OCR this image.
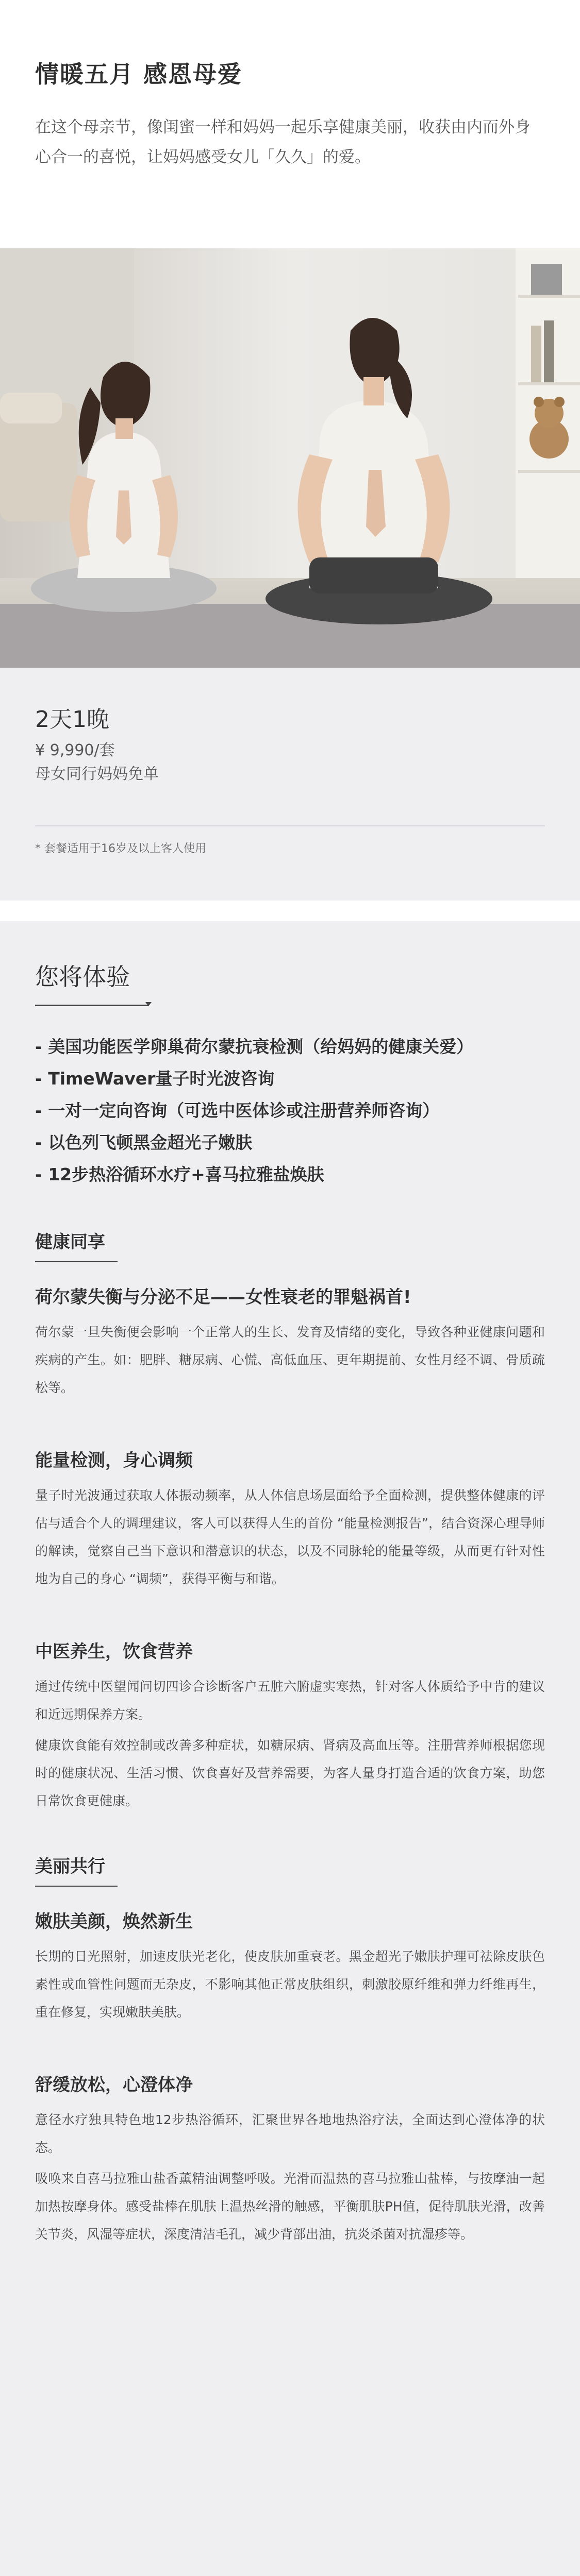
情暖五月 感恩母爱

在这个母亲节，像闺蜜一样和妈妈一起乐享健康美丽，收获由内而外身心合一的喜悦，让妈妈感受女儿「久久」的爱。

2天1晚
¥ 9,990/套
母女同行妈妈免单
* 套餐适用于16岁及以上客人使用
您将体验
- 美国功能医学卵巢荷尔蒙抗衰检测（给妈妈的健康关爱）
- TimeWaver量子时光波咨询
- 一对一定向咨询（可选中医体诊或注册营养师咨询）
- 以色列飞顿黑金超光子嫩肤
- 12步热浴循环水疗+喜马拉雅盐焕肤
健康同享
荷尔蒙失衡与分泌不足——女性衰老的罪魁祸首!

荷尔蒙一旦失衡便会影响一个正常人的生长、发育及情绪的变化，导致各种亚健康问题和疾病的产生。如：肥胖、糖尿病、心慌、高低血压、更年期提前、女性月经不调、骨质疏松等。

能量检测，身心调频

量子时光波通过获取人体振动频率，从人体信息场层面给予全面检测，提供整体健康的评估与适合个人的调理建议，客人可以获得人生的首份 “能量检测报告”，结合资深心理导师的解读，觉察自己当下意识和潜意识的状态，以及不同脉轮的能量等级，从而更有针对性地为自己的身心 “调频”，获得平衡与和谐。

中医养生，饮食营养

通过传统中医望闻问切四诊合诊断客户五脏六腑虚实寒热，针对客人体质给予中肯的建议和近远期保养方案。

健康饮食能有效控制或改善多种症状，如糖尿病、肾病及高血压等。注册营养师根据您现时的健康状况、生活习惯、饮食喜好及营养需要，为客人量身打造合适的饮食方案，助您日常饮食更健康。

美丽共行
嫩肤美颜，焕然新生

长期的日光照射，加速皮肤光老化，使皮肤加重衰老。黑金超光子嫩肤护理可祛除皮肤色素性或血管性问题而无杂皮，不影响其他正常皮肤组织，刺激胶原纤维和弹力纤维再生，重在修复，实现嫩肤美肤。

舒缓放松，心澄体净

意径水疗独具特色地12步热浴循环，汇聚世界各地地热浴疗法，全面达到心澄体净的状态。

吸唤来自喜马拉雅山盐香薰精油调整呼吸。光滑而温热的喜马拉雅山盐棒，与按摩油一起加热按摩身体。感受盐棒在肌肤上温热丝滑的触感，平衡肌肤PH值，促待肌肤光滑，改善关节炎，风湿等症状，深度清洁毛孔，减少背部出油，抗炎杀菌对抗湿疹等。
